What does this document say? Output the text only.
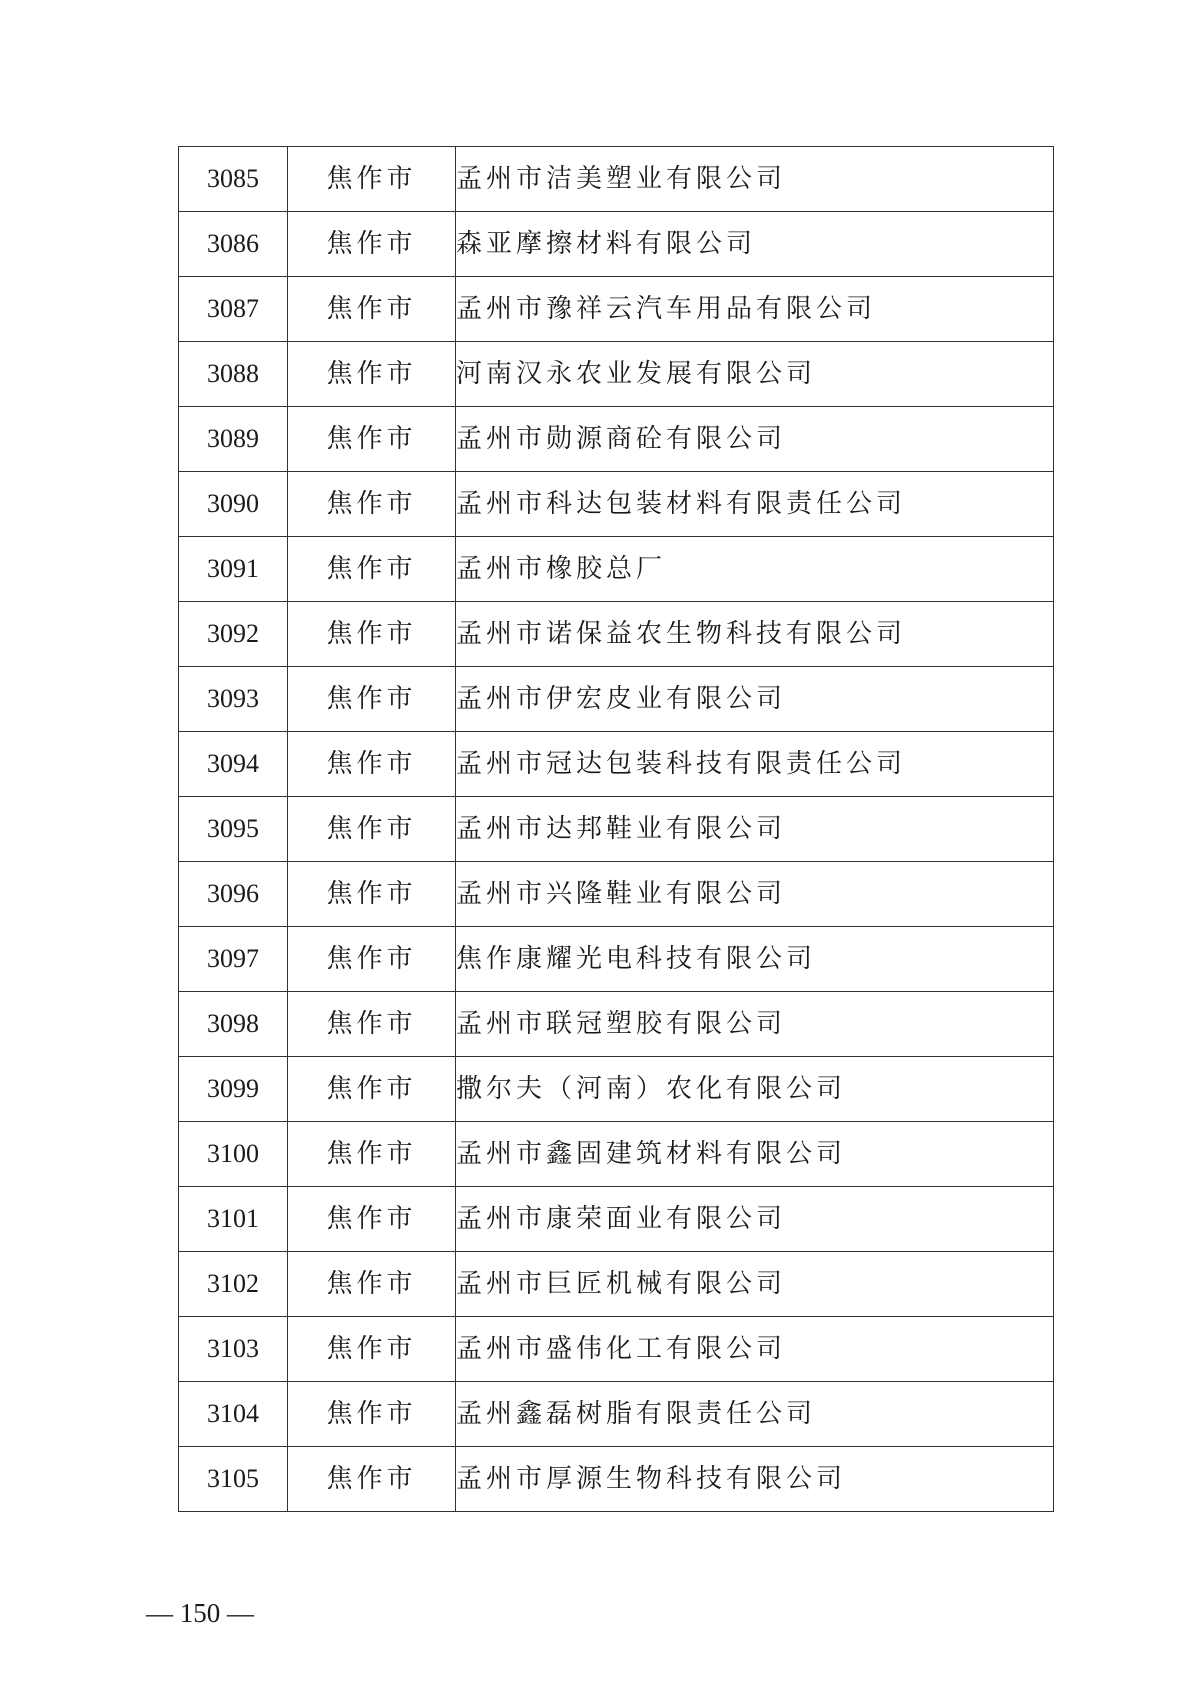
3085	焦作市	孟州市洁美塑业有限公司
3086	焦作市	森亚摩擦材料有限公司
3087	焦作市	孟州市豫祥云汽车用品有限公司
3088	焦作市	河南汉永农业发展有限公司
3089	焦作市	孟州市勋源商砼有限公司
3090	焦作市	孟州市科达包装材料有限责任公司
3091	焦作市	孟州市橡胶总厂
3092	焦作市	孟州市诺保益农生物科技有限公司
3093	焦作市	孟州市伊宏皮业有限公司
3094	焦作市	孟州市冠达包装科技有限责任公司
3095	焦作市	孟州市达邦鞋业有限公司
3096	焦作市	孟州市兴隆鞋业有限公司
3097	焦作市	焦作康耀光电科技有限公司
3098	焦作市	孟州市联冠塑胶有限公司
3099	焦作市	撒尔夫（河南）农化有限公司
3100	焦作市	孟州市鑫固建筑材料有限公司
3101	焦作市	孟州市康荣面业有限公司
3102	焦作市	孟州市巨匠机械有限公司
3103	焦作市	孟州市盛伟化工有限公司
3104	焦作市	孟州鑫磊树脂有限责任公司
3105	焦作市	孟州市厚源生物科技有限公司
— 150 —
